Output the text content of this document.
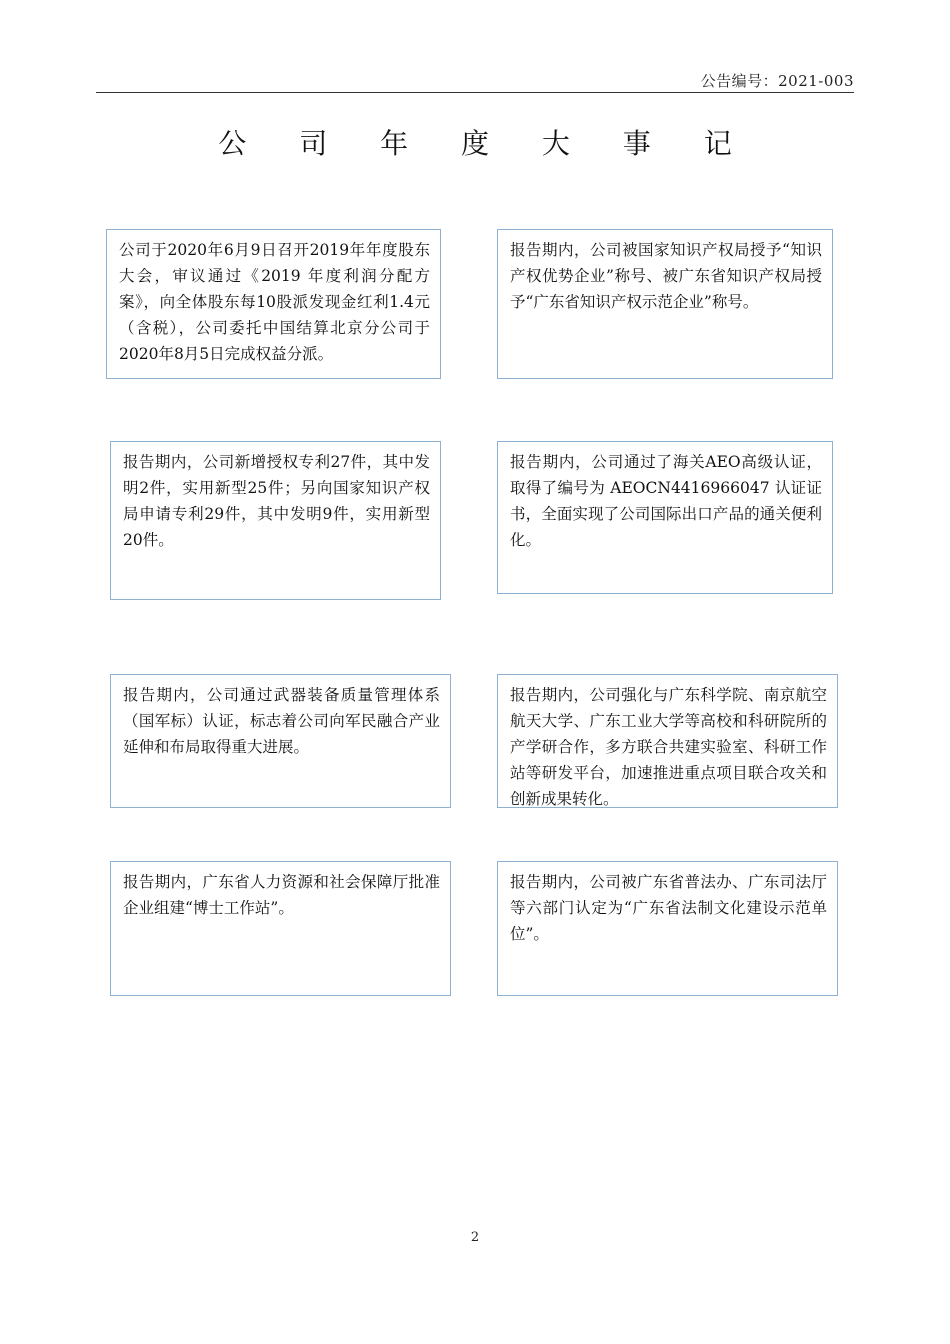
公告编号：2021-003
公 司 年 度 大 事 记
公司于2020年6月9日召开2019年年度股东大会，审议通过《2019 年度利润分配方案》，向全体股东每10股派发现金红利1.4元（含税），公司委托中国结算北京分公司于2020年8月5日完成权益分派。
报告期内，公司被国家知识产权局授予“知识产权优势企业”称号、被广东省知识产权局授予“广东省知识产权示范企业”称号。
报告期内，公司新增授权专利27件，其中发明2件，实用新型25件；另向国家知识产权局申请专利29件，其中发明9件，实用新型20件。
报告期内，公司通过了海关AEO高级认证，取得了编号为 AEOCN4416966047 认证证书，全面实现了公司国际出口产品的通关便利化。
报告期内，公司通过武器装备质量管理体系（国军标）认证，标志着公司向军民融合产业延伸和布局取得重大进展。
报告期内，公司强化与广东科学院、南京航空航天大学、广东工业大学等高校和科研院所的产学研合作，多方联合共建实验室、科研工作站等研发平台，加速推进重点项目联合攻关和创新成果转化。
报告期内，广东省人力资源和社会保障厅批准企业组建“博士工作站”。
报告期内，公司被广东省普法办、广东司法厅等六部门认定为“广东省法制文化建设示范单位”。
2
